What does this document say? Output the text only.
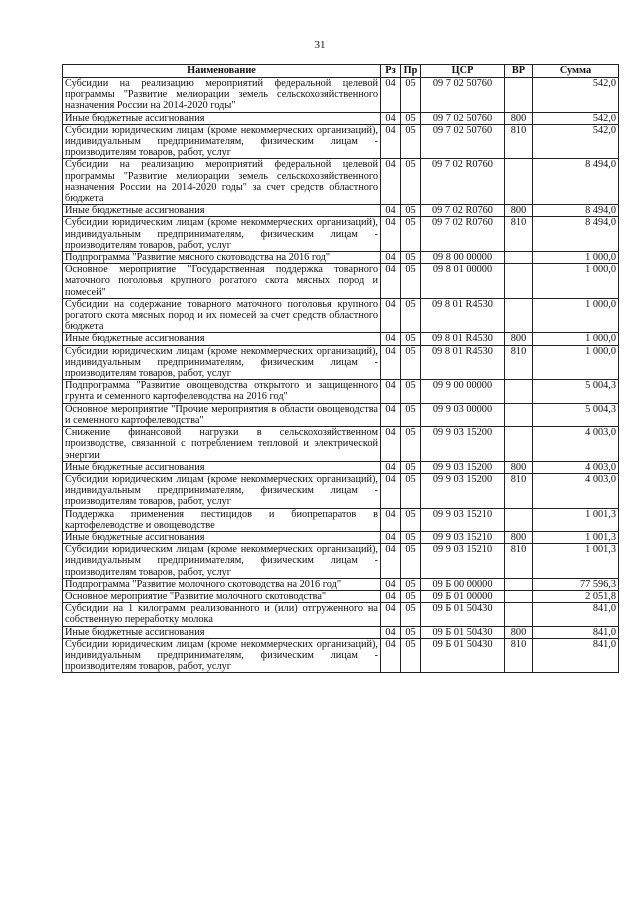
31
Наименование	Рз	Пр	ЦСР	ВР	Сумма
Субсидии на реализацию мероприятий федеральной целевой программы "Развитие мелиорации земель сельскохозяйственного назначения России на 2014-2020 годы"	04	05	09 7 02 50760		542,0
Иные бюджетные ассигнования	04	05	09 7 02 50760	800	542,0
Субсидии юридическим лицам (кроме некоммерческих организаций), индивидуальным предпринимателям, физическим лицам - производителям товаров, работ, услуг	04	05	09 7 02 50760	810	542,0
Субсидии на реализацию мероприятий федеральной целевой программы "Развитие мелиорации земель сельскохозяйственного назначения России на 2014-2020 годы" за счет средств областного бюджета	04	05	09 7 02 R0760		8 494,0
Иные бюджетные ассигнования	04	05	09 7 02 R0760	800	8 494,0
Субсидии юридическим лицам (кроме некоммерческих организаций), индивидуальным предпринимателям, физическим лицам - производителям товаров, работ, услуг	04	05	09 7 02 R0760	810	8 494,0
Подпрограмма "Развитие мясного скотоводства на 2016 год"	04	05	09 8 00 00000		1 000,0
Основное мероприятие "Государственная поддержка товарного маточного поголовья крупного рогатого скота мясных пород и помесей"	04	05	09 8 01 00000		1 000,0
Субсидии на содержание товарного маточного поголовья крупного рогатого скота мясных пород и их помесей за счет средств областного бюджета	04	05	09 8 01 R4530		1 000,0
Иные бюджетные ассигнования	04	05	09 8 01 R4530	800	1 000,0
Субсидии юридическим лицам (кроме некоммерческих организаций), индивидуальным предпринимателям, физическим лицам - производителям товаров, работ, услуг	04	05	09 8 01 R4530	810	1 000,0
Подпрограмма "Развитие овощеводства открытого и защищенного грунта и семенного картофелеводства на 2016 год"	04	05	09 9 00 00000		5 004,3
Основное мероприятие "Прочие мероприятия в области овощеводства и семенного картофелеводства"	04	05	09 9 03 00000		5 004,3
Снижение финансовой нагрузки в сельскохозяйственном производстве, связанной с потреблением тепловой и электрической энергии	04	05	09 9 03 15200		4 003,0
Иные бюджетные ассигнования	04	05	09 9 03 15200	800	4 003,0
Субсидии юридическим лицам (кроме некоммерческих организаций), индивидуальным предпринимателям, физическим лицам - производителям товаров, работ, услуг	04	05	09 9 03 15200	810	4 003,0
Поддержка применения пестицидов и биопрепаратов в картофелеводстве и овощеводстве	04	05	09 9 03 15210		1 001,3
Иные бюджетные ассигнования	04	05	09 9 03 15210	800	1 001,3
Субсидии юридическим лицам (кроме некоммерческих организаций), индивидуальным предпринимателям, физическим лицам - производителям товаров, работ, услуг	04	05	09 9 03 15210	810	1 001,3
Подпрограмма "Развитие молочного скотоводства на 2016 год"	04	05	09 Б 00 00000		77 596,3
Основное мероприятие "Развитие молочного скотоводства"	04	05	09 Б 01 00000		2 051,8
Субсидии на 1 килограмм реализованного и (или) отгруженного на собственную переработку молока	04	05	09 Б 01 50430		841,0
Иные бюджетные ассигнования	04	05	09 Б 01 50430	800	841,0
Субсидии юридическим лицам (кроме некоммерческих организаций), индивидуальным предпринимателям, физическим лицам - производителям товаров, работ, услуг	04	05	09 Б 01 50430	810	841,0
